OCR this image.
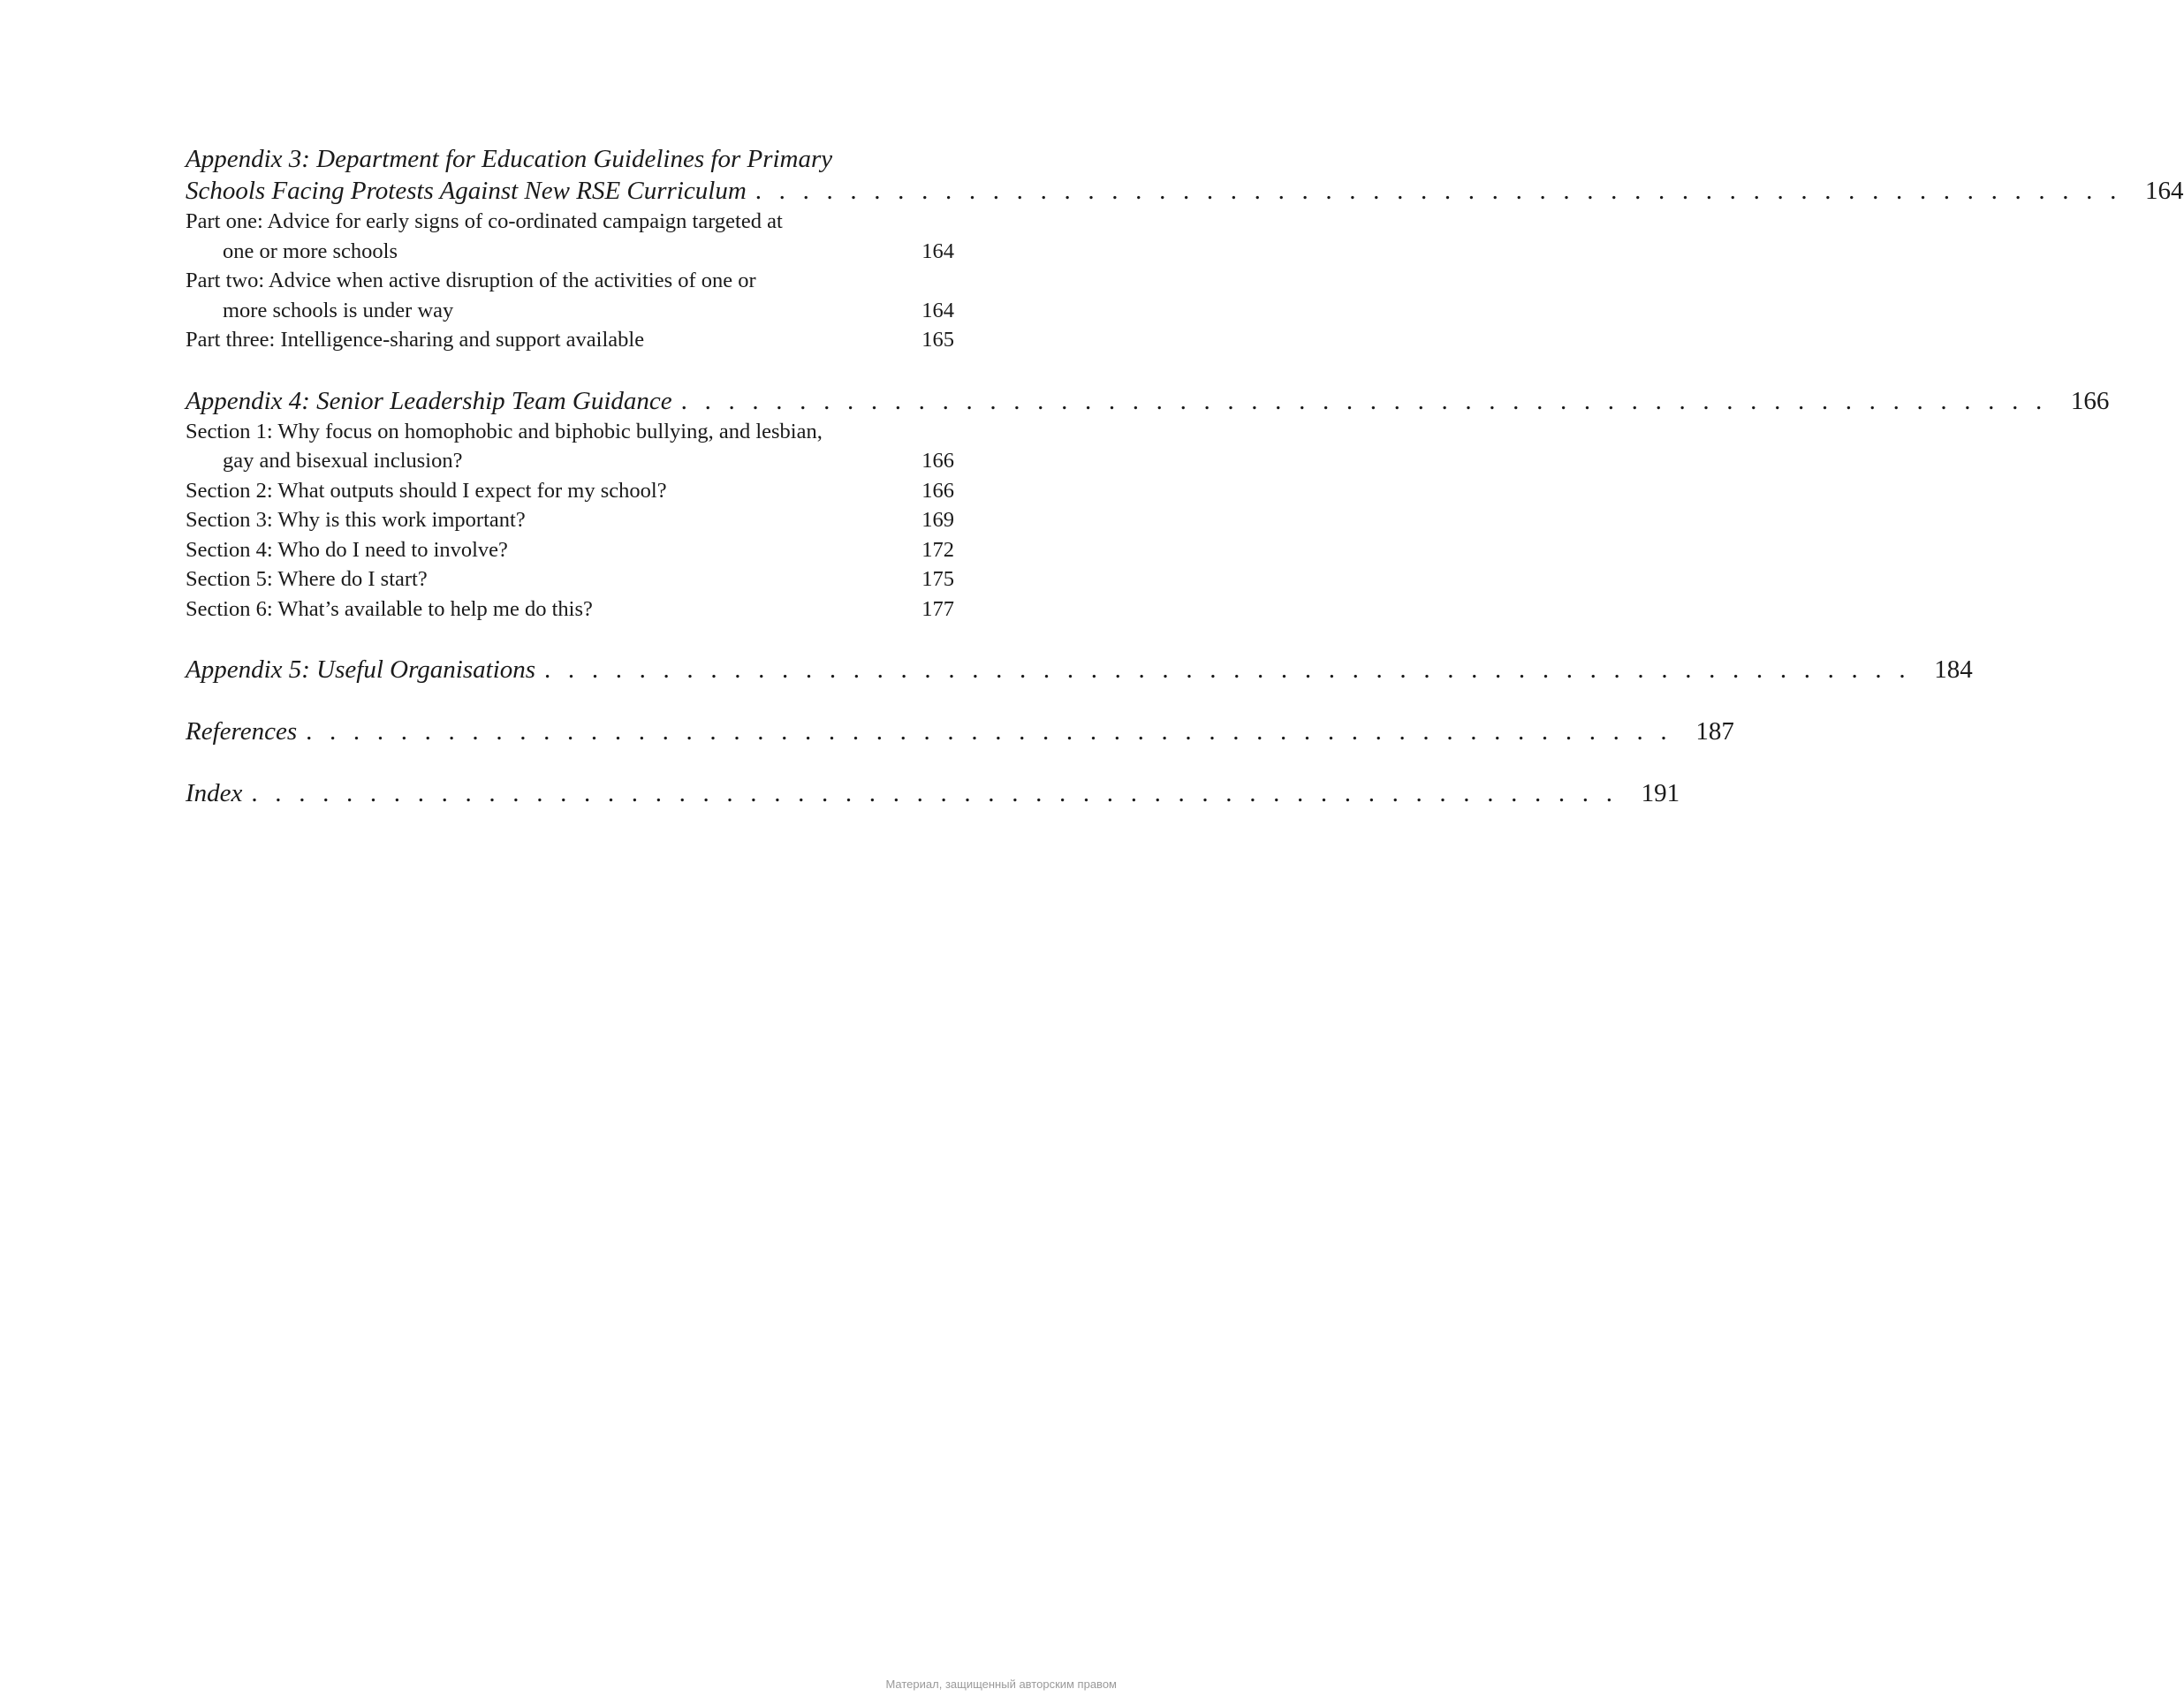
Appendix 3: Department for Education Guidelines for Primary
Schools Facing Protests Against New RSE Curriculum . . . . . . . . . . . . . . . . . . . . . . . . . . . . . . . . . . . . . . . . . . . . . . . . . . . . . . . . . . 164
Part one: Advice for early signs of co-ordinated campaign targeted at
one or more schools	164
Part two: Advice when active disruption of the activities of one or
more schools is under way	164
Part three: Intelligence-sharing and support available	165
Appendix 4: Senior Leadership Team Guidance . . . . . . . . . . . . . . . . . . . . . . . . . . . . . . . . . . . . . . . . . . . . . . . . . . . . . . . . . . 166
Section 1: Why focus on homophobic and biphobic bullying, and lesbian,
gay and bisexual inclusion?	166
Section 2: What outputs should I expect for my school?	166
Section 3: Why is this work important?	169
Section 4: Who do I need to involve?	172
Section 5: Where do I start?	175
Section 6: What’s available to help me do this?	177
Appendix 5: Useful Organisations . . . . . . . . . . . . . . . . . . . . . . . . . . . . . . . . . . . . . . . . . . . . . . . . . . . . . . . . . . 184
References . . . . . . . . . . . . . . . . . . . . . . . . . . . . . . . . . . . . . . . . . . . . . . . . . . . . . . . . . . 187
Index . . . . . . . . . . . . . . . . . . . . . . . . . . . . . . . . . . . . . . . . . . . . . . . . . . . . . . . . . . 191
Материал, защищенный авторским правом
